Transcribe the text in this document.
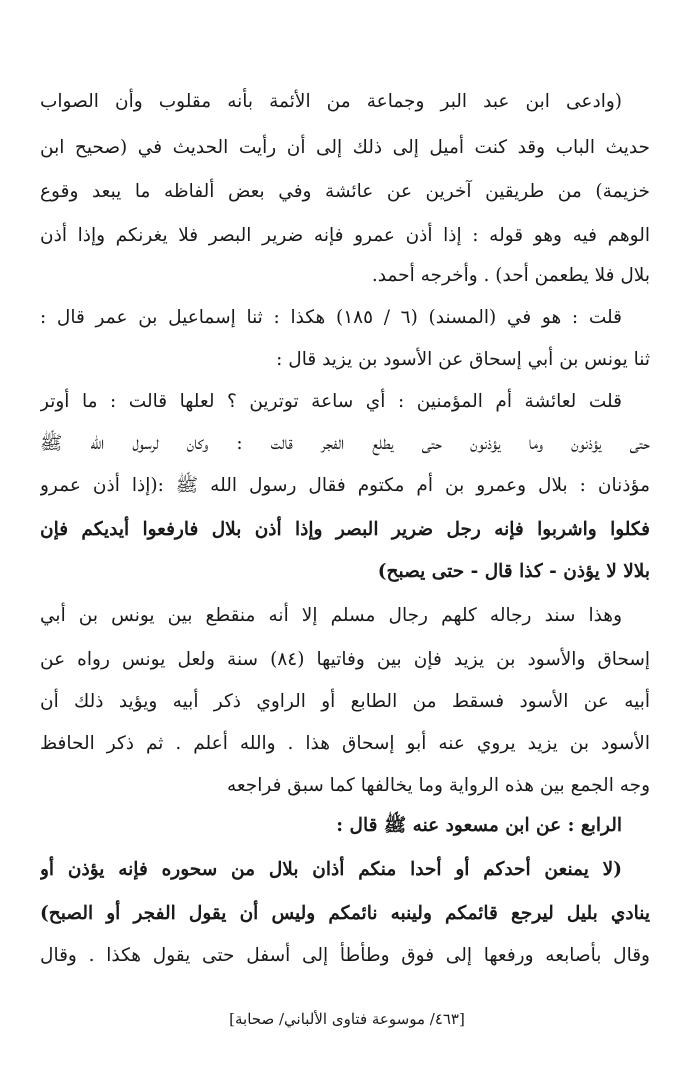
(وادعى ابن عبد البر وجماعة من الأئمة بأنه مقلوب وأن الصواب
حديث الباب وقد كنت أميل إلى ذلك إلى أن رأيت الحديث في (صحيح ابن
خزيمة) من طريقين آخرين عن عائشة وفي بعض ألفاظه ما يبعد وقوع
الوهم فيه وهو قوله : إذا أذن عمرو فإنه ضرير البصر فلا يغرنكم وإذا أذن
بلال فلا يطعمن أحد) . وأخرجه أحمد.
قلت : هو في (المسند) (٦ / ١٨٥) هكذا : ثنا إسماعيل بن عمر قال :
ثنا يونس بن أبي إسحاق عن الأسود بن يزيد قال :
قلت لعائشة أم المؤمنين : أي ساعة توترين ؟ لعلها قالت : ما أوتر
حتى يؤذنون وما يؤذنون حتى يطلع الفجر قالت : وكان لرسول الله ﷺ
مؤذنان : بلال وعمرو بن أم مكتوم فقال رسول الله ﷺ :(إذا أذن عمرو
فكلوا واشربوا فإنه رجل ضرير البصر وإذا أذن بلال فارفعوا أيديكم فإن
بلالا لا يؤذن - كذا قال - حتى يصبح)
وهذا سند رجاله كلهم رجال مسلم إلا أنه منقطع بين يونس بن أبي
إسحاق والأسود بن يزيد فإن بين وفاتيها (٨٤) سنة ولعل يونس رواه عن
أبيه عن الأسود فسقط من الطابع أو الراوي ذكر أبيه ويؤيد ذلك أن
الأسود بن يزيد يروي عنه أبو إسحاق هذا . والله أعلم . ثم ذكر الحافظ
وجه الجمع بين هذه الرواية وما يخالفها كما سبق فراجعه
الرابع : عن ابن مسعود عنه ﷺ قال :
(لا يمنعن أحدكم أو أحدا منكم أذان بلال من سحوره فإنه يؤذن أو
ينادي بليل ليرجع قائمكم ولينبه نائمكم وليس أن يقول الفجر أو الصبح)
وقال بأصابعه ورفعها إلى فوق وطأطأ إلى أسفل حتى يقول هكذا . وقال
[٤٦٣/ موسوعة فتاوى الألباني/ صحابة]
